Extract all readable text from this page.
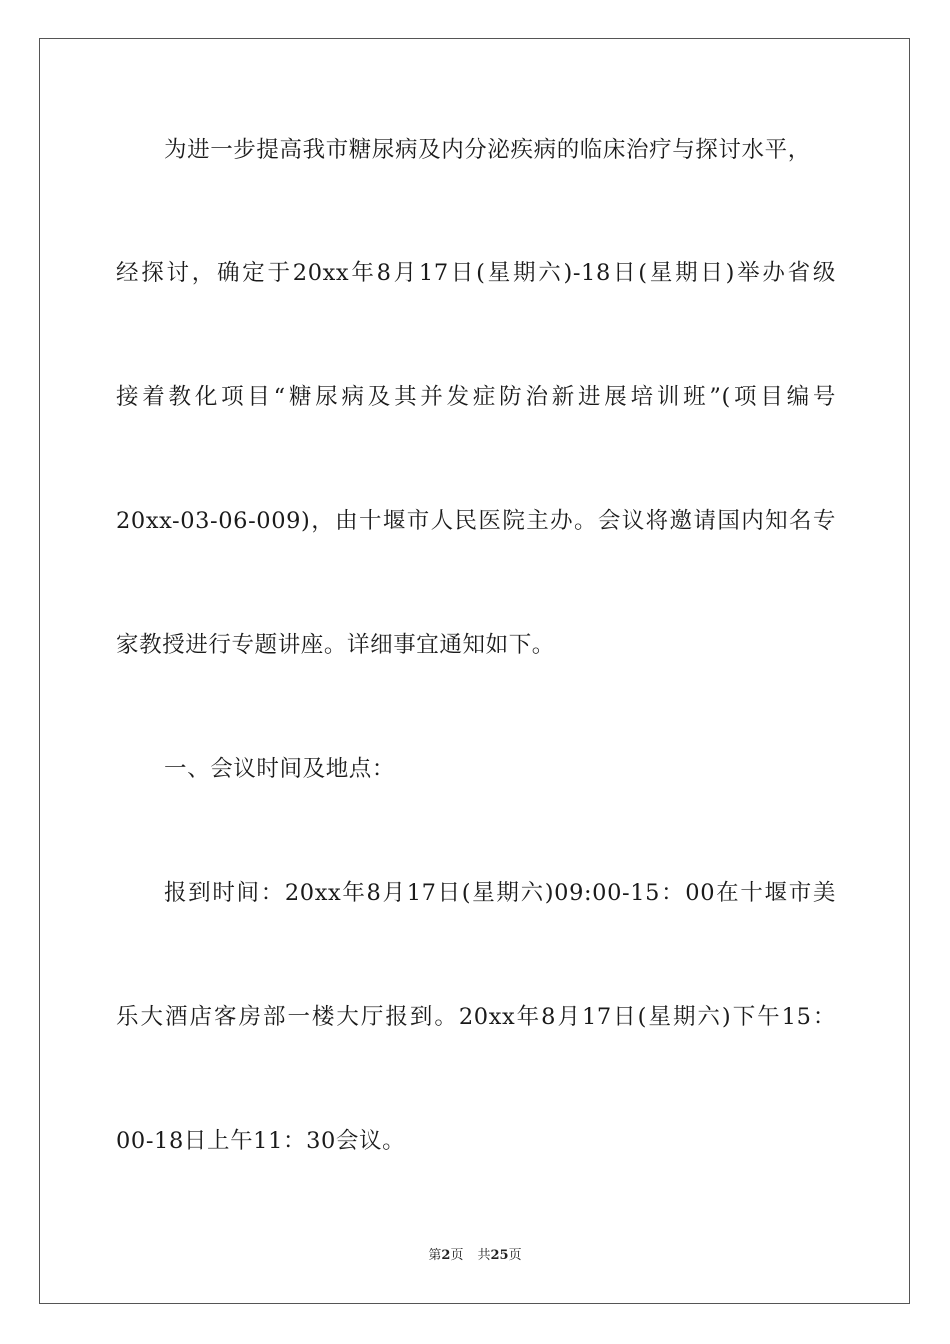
为进一步提高我市糖尿病及内分泌疾病的临床治疗与探讨水平，
经探讨，确定于20xx年8月17日(星期六)-18日(星期日)举办省级
接着教化项目“糖尿病及其并发症防治新进展培训班”(项目编号
20xx-03-06-009)，由十堰市人民医院主办。会议将邀请国内知名专
家教授进行专题讲座。详细事宜通知如下。
一、会议时间及地点：
报到时间：20xx年8月17日(星期六)09:00-15：00在十堰市美
乐大酒店客房部一楼大厅报到。20xx年8月17日(星期六)下午15：
00-18日上午11：30会议。
第2页 共25页
